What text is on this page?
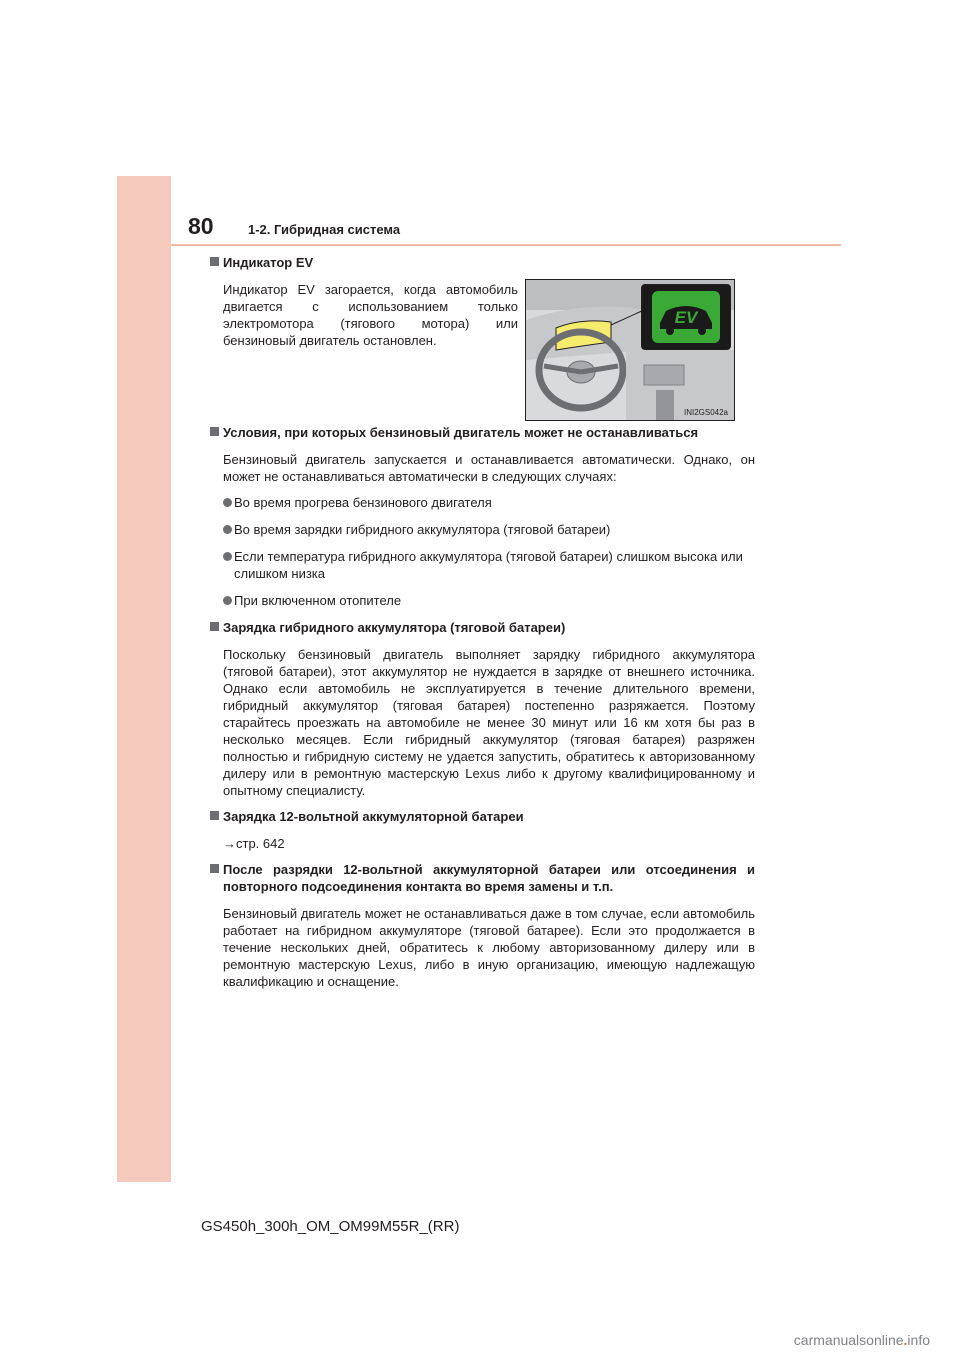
80	1-2. Гибридная система
EV
INI2GS042a
Индикатор EV
Индикатор EV загорается, когда автомобиль двигается с использованием только электромотора (тягового мотора) или бензиновый двигатель остановлен.
Условия, при которых бензиновый двигатель может не останавливаться
Бензиновый двигатель запускается и останавливается автоматически. Однако, он может не останавливаться автоматически в следующих случаях:
Во время прогрева бензинового двигателя
Во время зарядки гибридного аккумулятора (тяговой батареи)
Если температура гибридного аккумулятора (тяговой батареи) слишком высока или слишком низка
При включенном отопителе
Зарядка гибридного аккумулятора (тяговой батареи)
Поскольку бензиновый двигатель выполняет зарядку гибридного аккумулятора (тяговой батареи), этот аккумулятор не нуждается в зарядке от внешнего источника. Однако если автомобиль не эксплуатируется в течение длительного времени, гибридный аккумулятор (тяговая батарея) постепенно разряжается. Поэтому старайтесь проезжать на автомобиле не менее 30 минут или 16 км хотя бы раз в несколько месяцев. Если гибридный аккумулятор (тяговая батарея) разряжен полностью и гибридную систему не удается запустить, обратитесь к авторизованному дилеру или в ремонтную мастерскую Lexus либо к другому квалифицированному и опытному специалисту.
Зарядка 12-вольтной аккумуляторной батареи
→стр. 642
После разрядки 12-вольтной аккумуляторной батареи или отсоединения и повторного подсоединения контакта во время замены и т.п.
Бензиновый двигатель может не останавливаться даже в том случае, если автомобиль работает на гибридном аккумуляторе (тяговой батарее). Если это продолжается в течение нескольких дней, обратитесь к любому авторизованному дилеру или в ремонтную мастерскую Lexus, либо в иную организацию, имеющую надлежащую квалификацию и оснащение.
GS450h_300h_OM_OM99M55R_(RR)
carmanualsonline.info
